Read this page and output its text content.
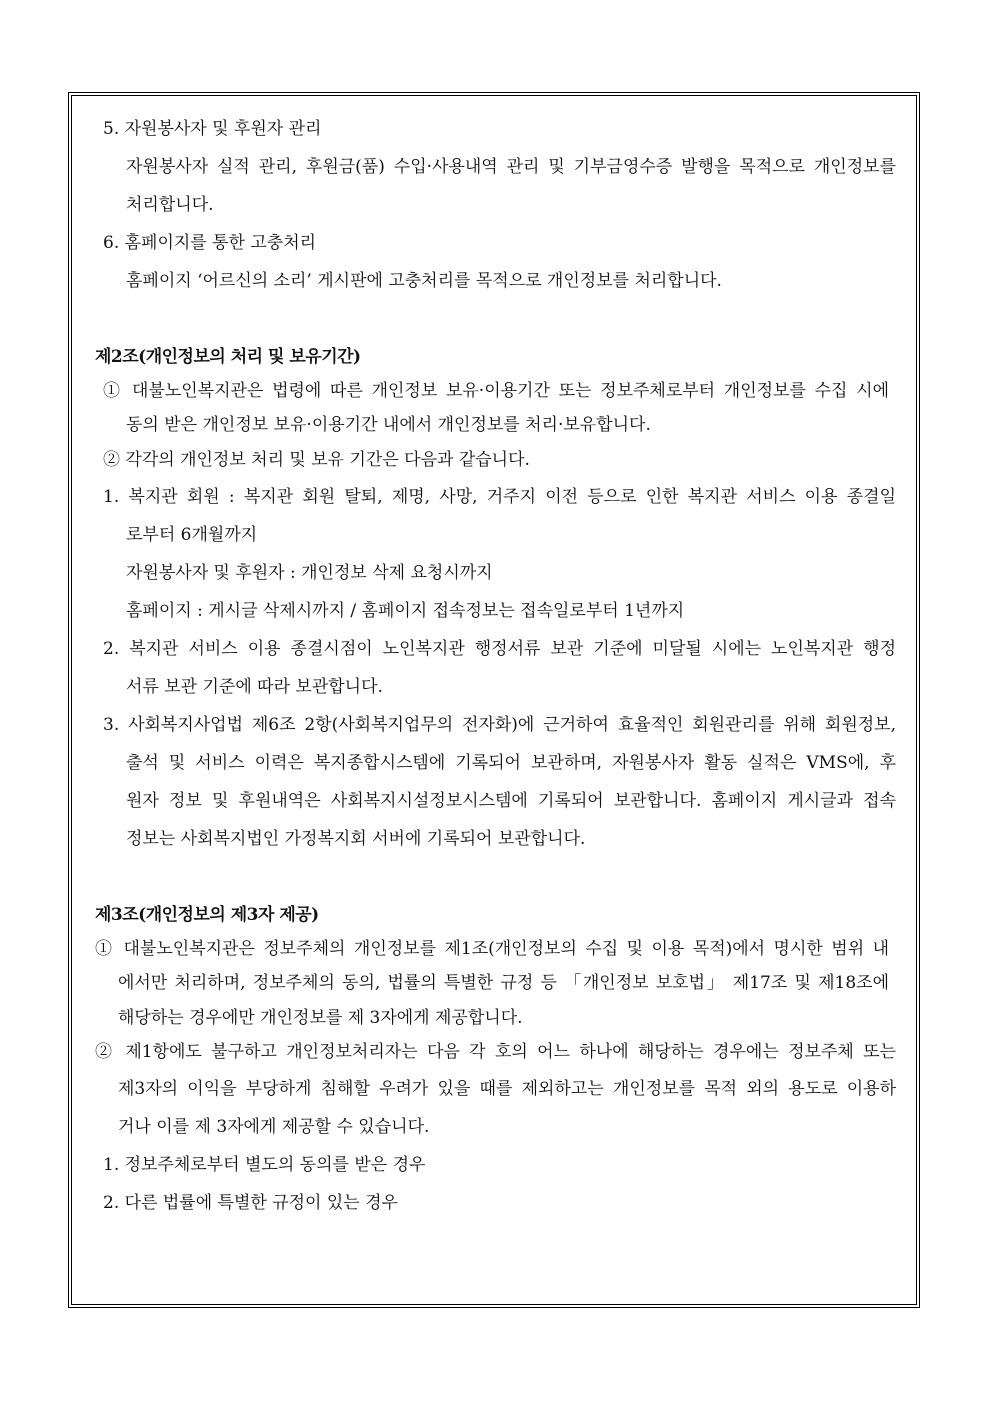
5. 자원봉사자 및 후원자 관리
자원봉사자 실적 관리, 후원금(품) 수입·사용내역 관리 및 기부금영수증 발행을 목적으로 개인정보를
처리합니다.
6. 홈페이지를 통한 고충처리
홈페이지 ‘어르신의 소리’ 게시판에 고충처리를 목적으로 개인정보를 처리합니다.
제2조(개인정보의 처리 및 보유기간)
① 대불노인복지관은 법령에 따른 개인정보 보유·이용기간 또는 정보주체로부터 개인정보를 수집 시에
동의 받은 개인정보 보유·이용기간 내에서 개인정보를 처리·보유합니다.
② 각각의 개인정보 처리 및 보유 기간은 다음과 같습니다.
1. 복지관 회원 : 복지관 회원 탈퇴, 제명, 사망, 거주지 이전 등으로 인한 복지관 서비스 이용 종결일
로부터 6개월까지
자원봉사자 및 후원자 : 개인정보 삭제 요청시까지
홈페이지 : 게시글 삭제시까지 / 홈페이지 접속정보는 접속일로부터 1년까지
2. 복지관 서비스 이용 종결시점이 노인복지관 행정서류 보관 기준에 미달될 시에는 노인복지관 행정
서류 보관 기준에 따라 보관합니다.
3. 사회복지사업법 제6조 2항(사회복지업무의 전자화)에 근거하여 효율적인 회원관리를 위해 회원정보,
출석 및 서비스 이력은 복지종합시스템에 기록되어 보관하며, 자원봉사자 활동 실적은 VMS에, 후
원자 정보 및 후원내역은 사회복지시설정보시스템에 기록되어 보관합니다. 홈페이지 게시글과 접속
정보는 사회복지법인 가정복지회 서버에 기록되어 보관합니다.
제3조(개인정보의 제3자 제공)
① 대불노인복지관은 정보주체의 개인정보를 제1조(개인정보의 수집 및 이용 목적)에서 명시한 범위 내
에서만 처리하며, 정보주체의 동의, 법률의 특별한 규정 등 「개인정보 보호법」 제17조 및 제18조에
해당하는 경우에만 개인정보를 제 3자에게 제공합니다.
② 제1항에도 불구하고 개인정보처리자는 다음 각 호의 어느 하나에 해당하는 경우에는 정보주체 또는
제3자의 이익을 부당하게 침해할 우려가 있을 때를 제외하고는 개인정보를 목적 외의 용도로 이용하
거나 이를 제 3자에게 제공할 수 있습니다.
1. 정보주체로부터 별도의 동의를 받은 경우
2. 다른 법률에 특별한 규정이 있는 경우
